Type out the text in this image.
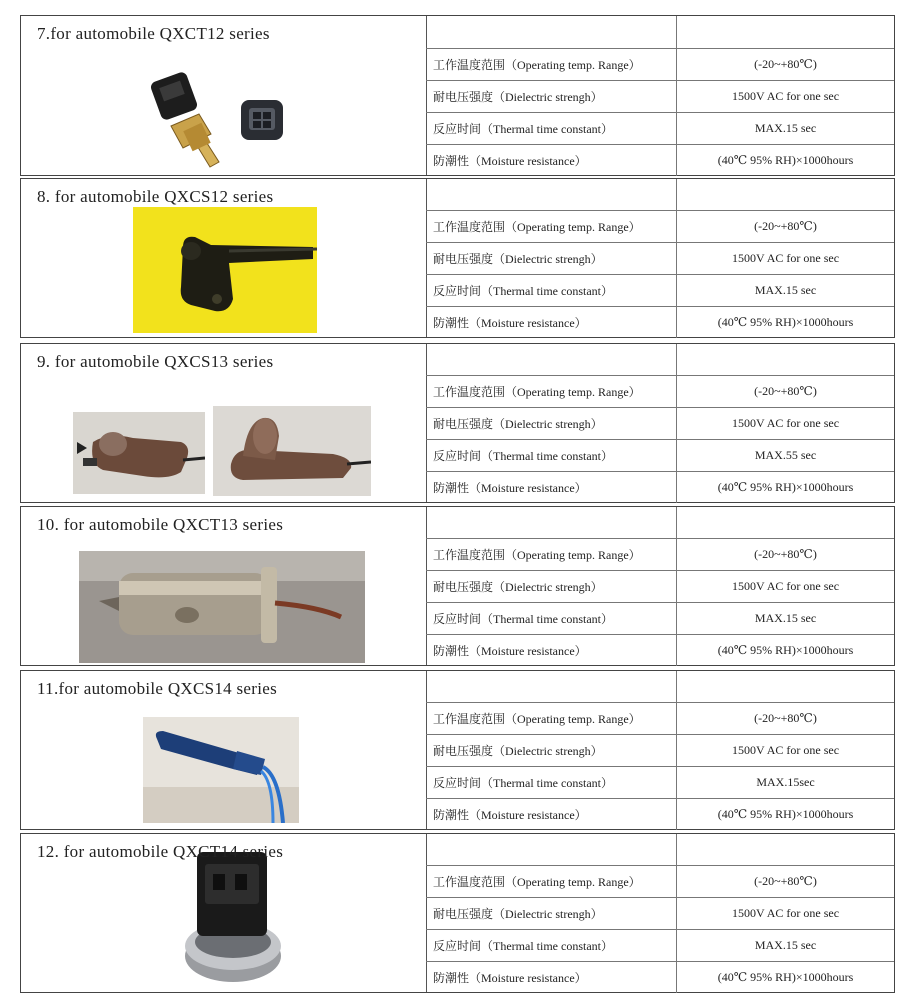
7.for automobile QXCT12 series
工作温度范围 （Operating temp. Range）	(-20~+80℃)
耐电压强度 （Dielectric strengh）	1500V AC for one sec
反应时间 （Thermal time constant）	MAX.15 sec
防潮性 （Moisture resistance）	(40℃ 95% RH)×1000hours
8. for automobile QXCS12 series
工作温度范围 （Operating temp. Range）	(-20~+80℃)
耐电压强度 （Dielectric strengh）	1500V AC for one sec
反应时间 （Thermal time constant）	MAX.15 sec
防潮性 （Moisture resistance）	(40℃ 95% RH)×1000hours
9. for automobile QXCS13 series
工作温度范围 （Operating temp. Range）	(-20~+80℃)
耐电压强度 （Dielectric strengh）	1500V AC for one sec
反应时间 （Thermal time constant）	MAX.55 sec
防潮性 （Moisture resistance）	(40℃ 95% RH)×1000hours
10. for automobile QXCT13 series
工作温度范围 （Operating temp. Range）	(-20~+80℃)
耐电压强度 （Dielectric strengh）	1500V AC for one sec
反应时间 （Thermal time constant）	MAX.15 sec
防潮性 （Moisture resistance）	(40℃ 95% RH)×1000hours
11.for automobile QXCS14 series
工作温度范围 （Operating temp. Range）	(-20~+80℃)
耐电压强度 （Dielectric strengh）	1500V AC for one sec
反应时间 （Thermal time constant）	MAX.15sec
防潮性 （Moisture resistance）	(40℃ 95% RH)×1000hours
12. for automobile QXCT14 series
工作温度范围 （Operating temp. Range）	(-20~+80℃)
耐电压强度 （Dielectric strengh）	1500V AC for one sec
反应时间 （Thermal time constant）	MAX.15 sec
防潮性 （Moisture resistance）	(40℃ 95% RH)×1000hours
